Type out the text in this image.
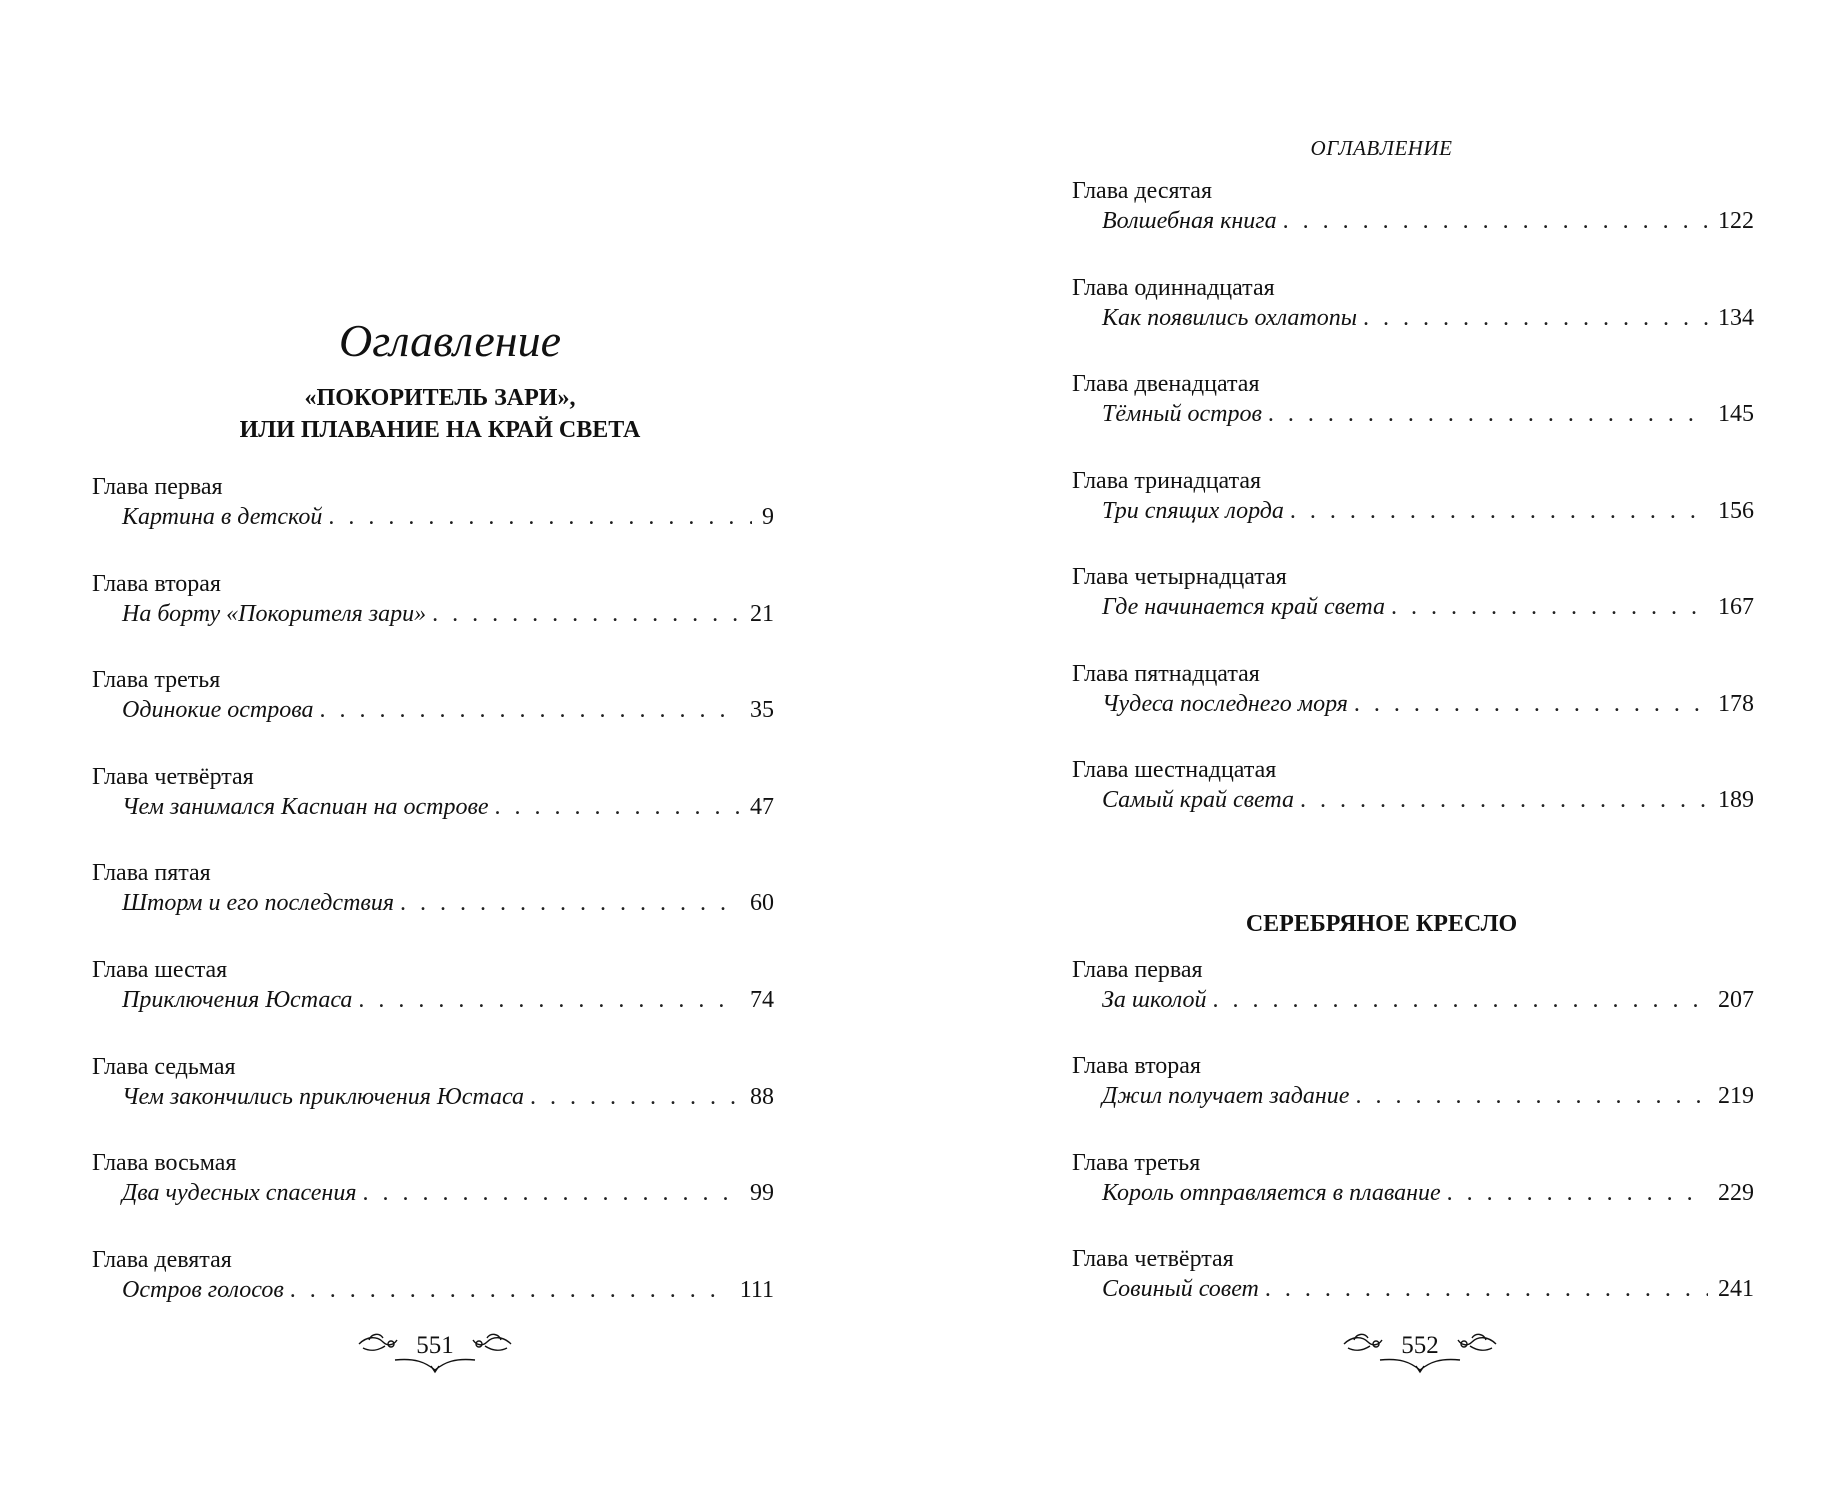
Оглавление
«ПОКОРИТЕЛЬ ЗАРИ»,
ИЛИ ПЛАВАНИЕ НА КРАЙ СВЕТА
Глава первая
Картина в детской . . .	9
Глава вторая
На борту «Покорителя зари» . . .	21
Глава третья
Одинокие острова . . .	35
Глава четвёртая
Чем занимался Каспиан на острове . . .	47
Глава пятая
Шторм и его последствия . . .	60
Глава шестая
Приключения Юстаса . . .	74
Глава седьмая
Чем закончились приключения Юстаса . . .	88
Глава восьмая
Два чудесных спасения . . .	99
Глава девятая
Остров голосов . . .	111
551
ОГЛАВЛЕНИЕ
Глава десятая
Волшебная книга . . .	122
Глава одиннадцатая
Как появились охлатопы . . .	134
Глава двенадцатая
Тёмный остров . . .	145
Глава тринадцатая
Три спящих лорда . . .	156
Глава четырнадцатая
Где начинается край света . . .	167
Глава пятнадцатая
Чудеса последнего моря . . .	178
Глава шестнадцатая
Самый край света . . .	189
СЕРЕБРЯНОЕ КРЕСЛО
Глава первая
За школой . . .	207
Глава вторая
Джил получает задание . . .	219
Глава третья
Король отправляется в плавание . . .	229
Глава четвёртая
Совиный совет . . .	241
552
